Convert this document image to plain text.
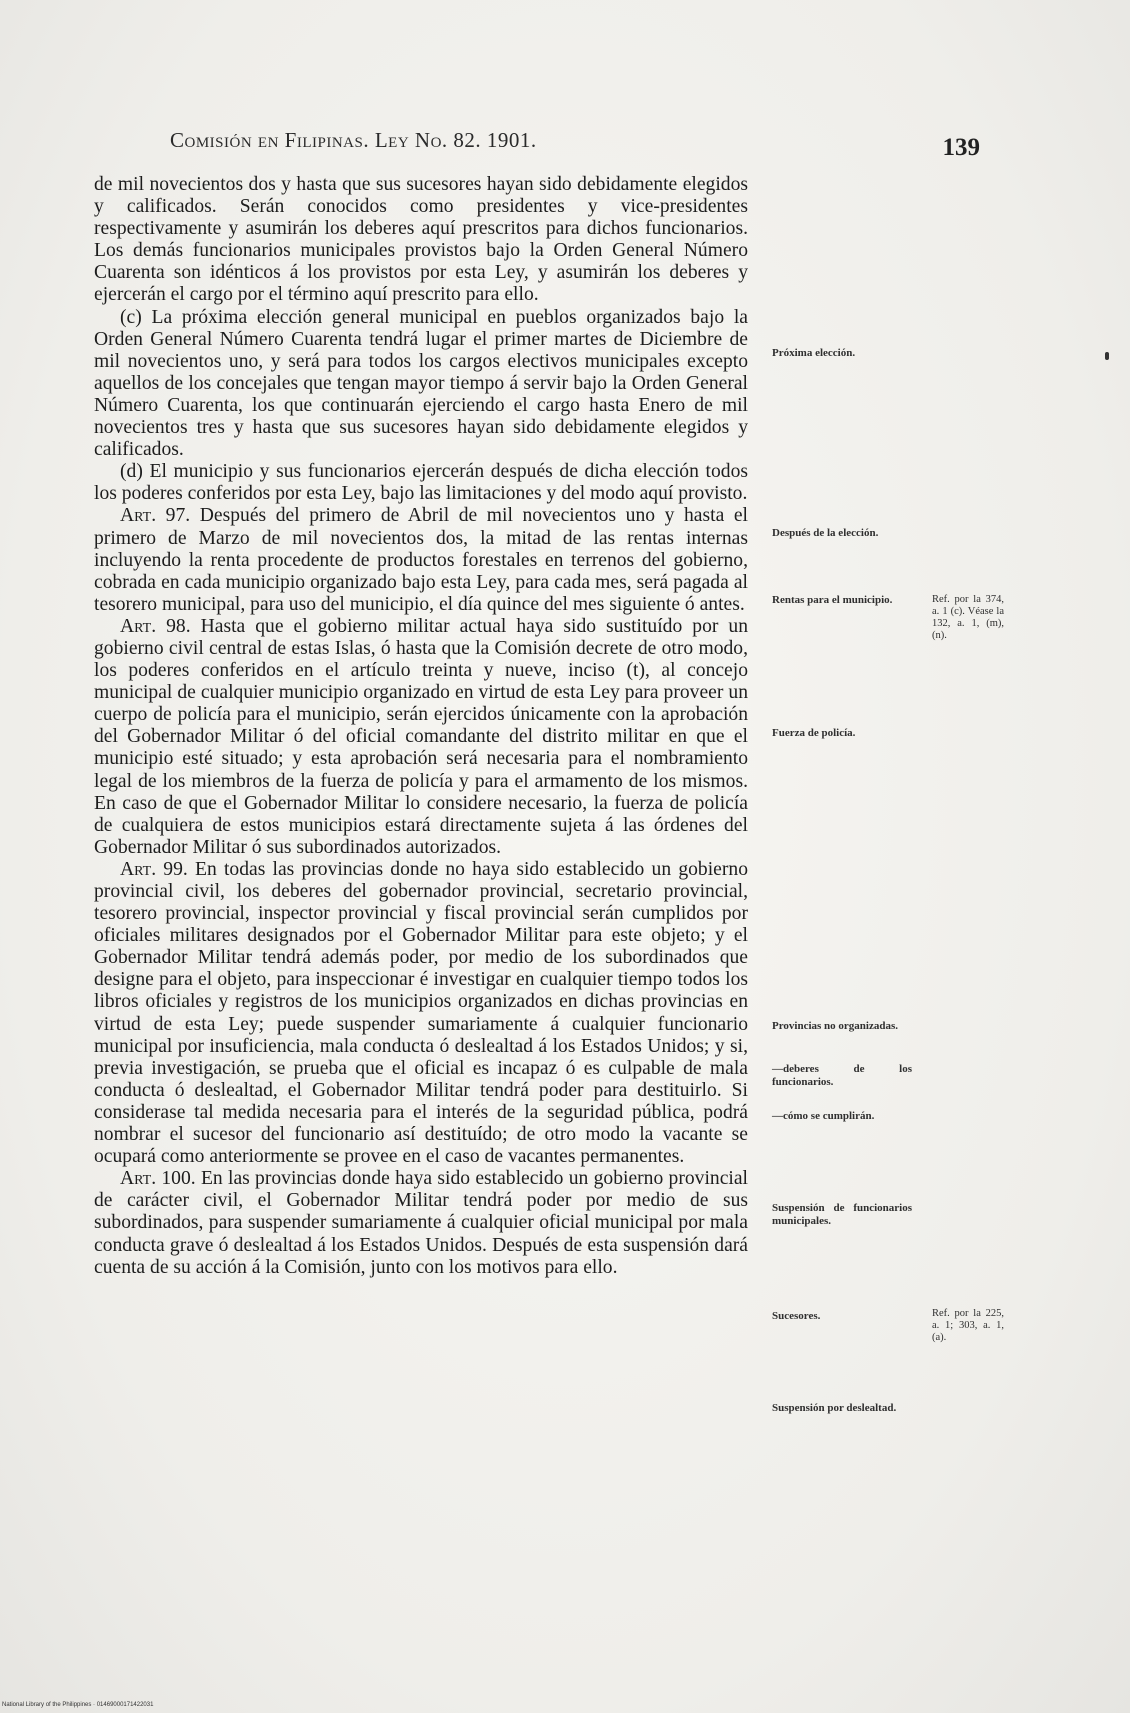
Comisión en Filipinas. Ley No. 82. 1901.	139

de mil novecientos dos y hasta que sus sucesores hayan sido debidamente elegidos y calificados. Serán conocidos como presidentes y vice-presidentes respectivamente y asumirán los deberes aquí prescritos para dichos funcionarios. Los demás funcionarios municipales provistos bajo la Orden General Número Cuarenta son idénticos á los provistos por esta Ley, y asumirán los deberes y ejercerán el cargo por el término aquí prescrito para ello.

(c) La próxima elección general municipal en pueblos organizados bajo la Orden General Número Cuarenta tendrá lugar el primer martes de Diciembre de mil novecientos uno, y será para todos los cargos electivos municipales excepto aquellos de los concejales que tengan mayor tiempo á servir bajo la Orden General Número Cuarenta, los que continuarán ejerciendo el cargo hasta Enero de mil novecientos tres y hasta que sus sucesores hayan sido debidamente elegidos y calificados.

(d) El municipio y sus funcionarios ejercerán después de dicha elección todos los poderes conferidos por esta Ley, bajo las limitaciones y del modo aquí provisto.

Art. 97. Después del primero de Abril de mil novecientos uno y hasta el primero de Marzo de mil novecientos dos, la mitad de las rentas internas incluyendo la renta procedente de productos forestales en terrenos del gobierno, cobrada en cada municipio organizado bajo esta Ley, para cada mes, será pagada al tesorero municipal, para uso del municipio, el día quince del mes siguiente ó antes.

Art. 98. Hasta que el gobierno militar actual haya sido sustituído por un gobierno civil central de estas Islas, ó hasta que la Comisión decrete de otro modo, los poderes conferidos en el artículo treinta y nueve, inciso (t), al concejo municipal de cualquier municipio organizado en virtud de esta Ley para proveer un cuerpo de policía para el municipio, serán ejercidos únicamente con la aprobación del Gobernador Militar ó del oficial comandante del distrito militar en que el municipio esté situado; y esta aprobación será necesaria para el nombramiento legal de los miembros de la fuerza de policía y para el armamento de los mismos. En caso de que el Gobernador Militar lo considere necesario, la fuerza de policía de cualquiera de estos municipios estará directamente sujeta á las órdenes del Gobernador Militar ó sus subordinados autorizados.

Art. 99. En todas las provincias donde no haya sido establecido un gobierno provincial civil, los deberes del gobernador provincial, secretario provincial, tesorero provincial, inspector provincial y fiscal provincial serán cumplidos por oficiales militares designados por el Gobernador Militar para este objeto; y el Gobernador Militar tendrá además poder, por medio de los subordinados que designe para el objeto, para inspeccionar é investigar en cualquier tiempo todos los libros oficiales y registros de los municipios organizados en dichas provincias en virtud de esta Ley; puede suspender sumariamente á cualquier funcionario municipal por insuficiencia, mala conducta ó deslealtad á los Estados Unidos; y si, previa investigación, se prueba que el oficial es incapaz ó es culpable de mala conducta ó deslealtad, el Gobernador Militar tendrá poder para destituirlo. Si considerase tal medida necesaria para el interés de la seguridad pública, podrá nombrar el sucesor del funcionario así destituído; de otro modo la vacante se ocupará como anteriormente se provee en el caso de vacantes permanentes.

Art. 100. En las provincias donde haya sido establecido un gobierno provincial de carácter civil, el Gobernador Militar tendrá poder por medio de sus subordinados, para suspender sumariamente á cualquier oficial municipal por mala conducta grave ó deslealtad á los Estados Unidos. Después de esta suspensión dará cuenta de su acción á la Comisión, junto con los motivos para ello.

Próxima elección.
Después de la elección.
Rentas para el municipio.	Ref. por la 374, a. 1 (c). Véase la 132, a. 1, (m), (n).
Fuerza de policía.
Provincias no organizadas.
—deberes de los funcionarios.
—cómo se cumplirán.
Suspensión de funcionarios municipales.
Sucesores.	Ref. por la 225, a. 1; 303, a. 1, (a).
Suspensión por deslealtad.
National Library of the Philippines · 01469000171422031
